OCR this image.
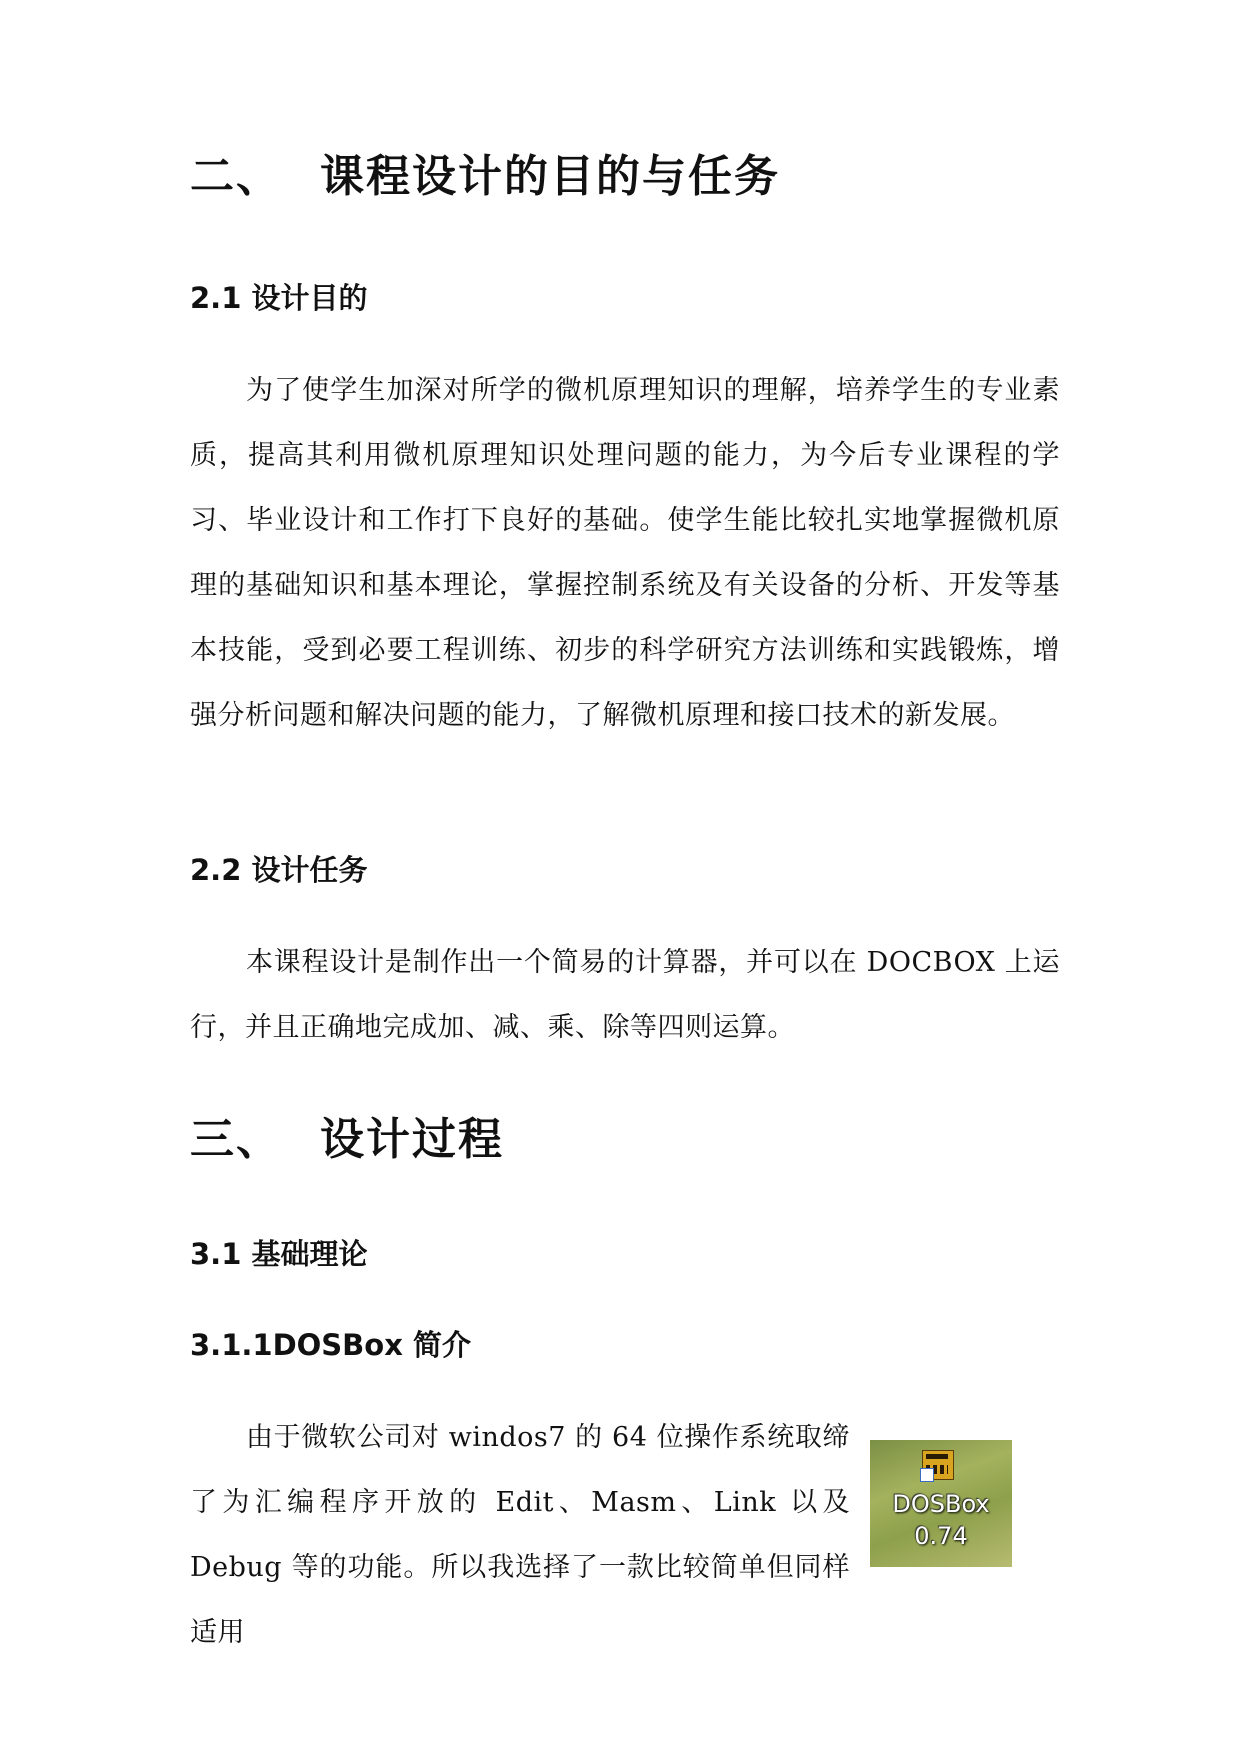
二、 课程设计的目的与任务
2.1 设计目的
为了使学生加深对所学的微机原理知识的理解，培养学生的专业素质，提高其利用微机原理知识处理问题的能力，为今后专业课程的学习、毕业设计和工作打下良好的基础。使学生能比较扎实地掌握微机原理的基础知识和基本理论，掌握控制系统及有关设备的分析、开发等基本技能，受到必要工程训练、初步的科学研究方法训练和实践锻炼，增强分析问题和解决问题的能力，了解微机原理和接口技术的新发展。
2.2 设计任务
本课程设计是制作出一个简易的计算器，并可以在 DOCBOX 上运行，并且正确地完成加、减、乘、除等四则运算。
三、 设计过程
3.1 基础理论
3.1.1DOSBox 简介
由于微软公司对 windos7 的 64 位操作系统取缔了为汇编程序开放的 Edit、Masm、Link 以及 Debug 等的功能。所以我选择了一款比较简单但同样适用
DOSBox
0.74
